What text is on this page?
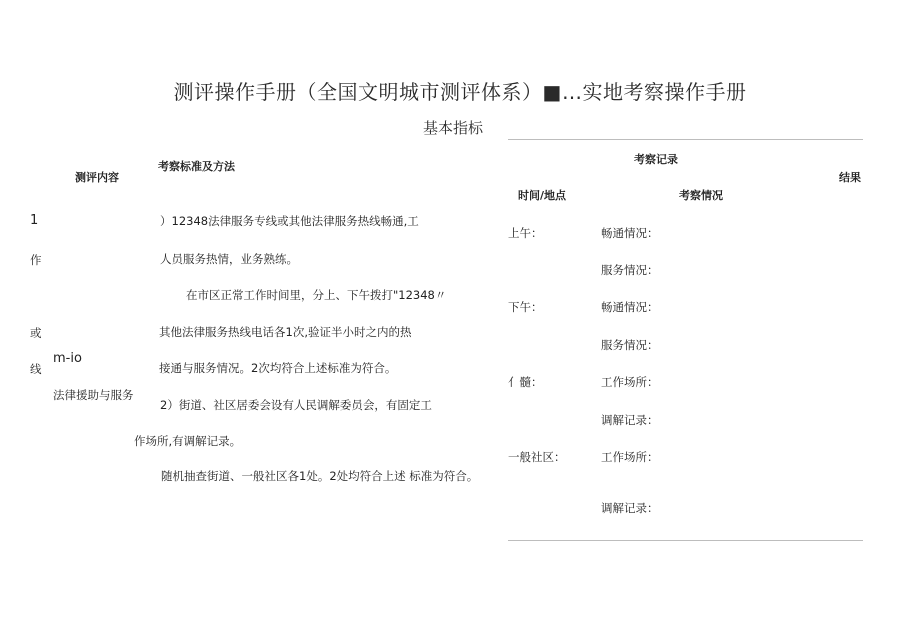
测评操作手册（全国文明城市测评体系）■…实地考察操作手册
基本指标
测评内容
考察标准及方法
考察记录
时间/地点	考察情况
结果
1
作
或
线
m-io
法律援助与服务
）12348法律服务专线或其他法律服务热线畅通,工
人员服务热情，业务熟练。
在市区正常工作时间里，分上、下午拨打"12348〃
其他法律服务热线电话各1次,验证半小时之内的热
接通与服务情况。2次均符合上述标准为符合。
2）街道、社区居委会设有人民调解委员会，有固定工
作场所,有调解记录。
随机抽查街道、一般社区各1处。2处均符合上述 标准为符合。
上午：
下午：
亻髓：
一般社区：
畅通情况：
服务情况：
畅通情况：
服务情况：
工作场所：
调解记录：
工作场所：
调解记录：
